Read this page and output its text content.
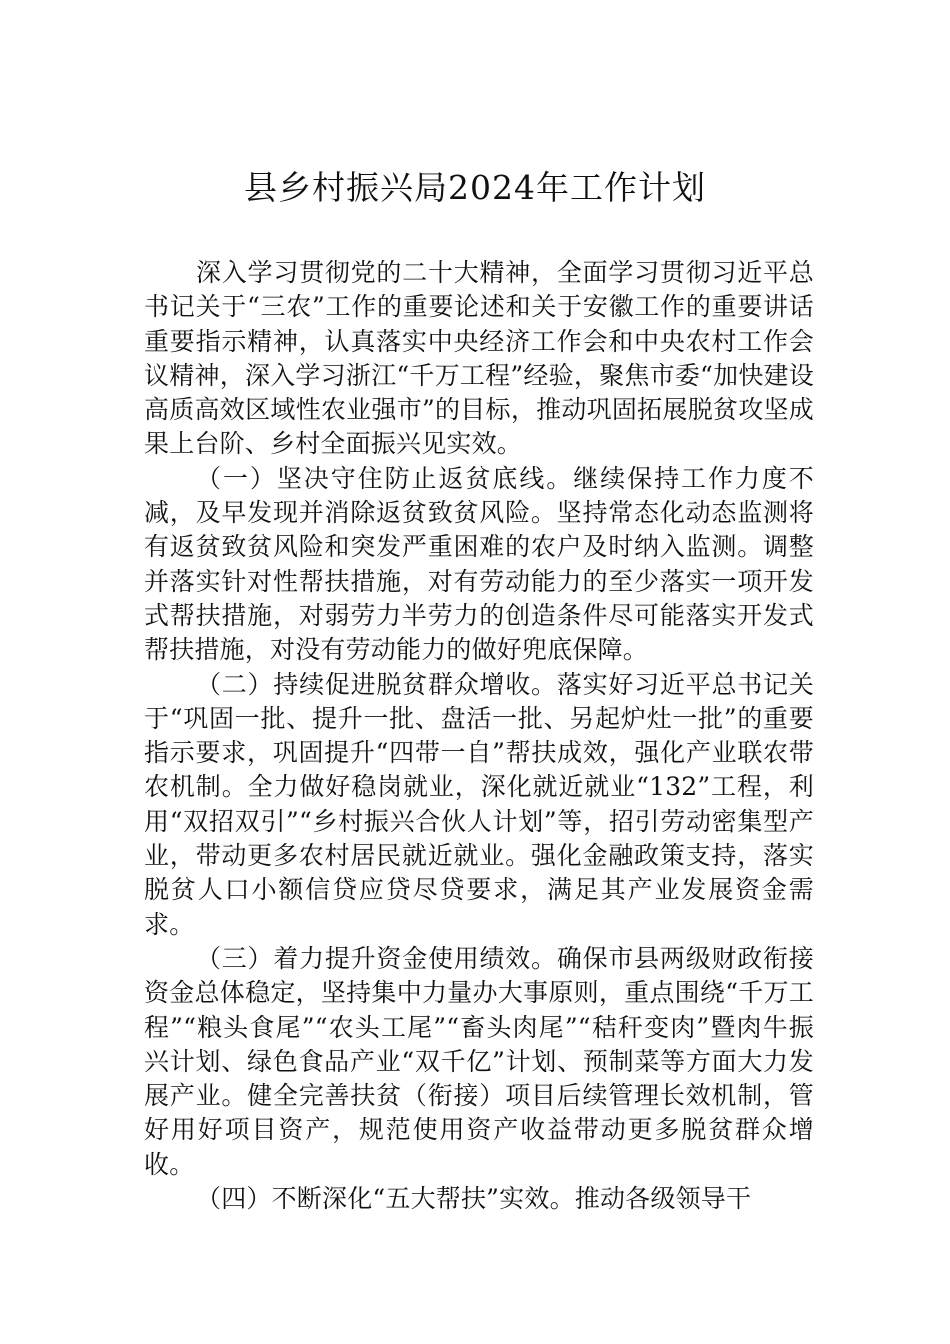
县乡村振兴局2024年工作计划

深入学习贯彻党的二十大精神，全面学习贯彻习近平总书记关于“三农”工作的重要论述和关于安徽工作的重要讲话重要指示精神，认真落实中央经济工作会和中央农村工作会议精神，深入学习浙江“千万工程”经验，聚焦市委“加快建设高质高效区域性农业强市”的目标，推动巩固拓展脱贫攻坚成果上台阶、乡村全面振兴见实效。

（一）坚决守住防止返贫底线。继续保持工作力度不减，及早发现并消除返贫致贫风险。坚持常态化动态监测将有返贫致贫风险和突发严重困难的农户及时纳入监测。调整并落实针对性帮扶措施，对有劳动能力的至少落实一项开发式帮扶措施，对弱劳力半劳力的创造条件尽可能落实开发式帮扶措施，对没有劳动能力的做好兜底保障。

（二）持续促进脱贫群众增收。落实好习近平总书记关于“巩固一批、提升一批、盘活一批、另起炉灶一批”的重要指示要求，巩固提升“四带一自”帮扶成效，强化产业联农带农机制。全力做好稳岗就业，深化就近就业“132”工程，利用“双招双引”“乡村振兴合伙人计划”等，招引劳动密集型产业，带动更多农村居民就近就业。强化金融政策支持，落实脱贫人口小额信贷应贷尽贷要求，满足其产业发展资金需求。

（三）着力提升资金使用绩效。确保市县两级财政衔接资金总体稳定，坚持集中力量办大事原则，重点围绕“千万工程”“粮头食尾”“农头工尾”“畜头肉尾”“秸秆变肉”暨肉牛振兴计划、绿色食品产业“双千亿”计划、预制菜等方面大力发展产业。健全完善扶贫（衔接）项目后续管理长效机制，管好用好项目资产，规范使用资产收益带动更多脱贫群众增收。

（四）不断深化“五大帮扶”实效。推动各级领导干
